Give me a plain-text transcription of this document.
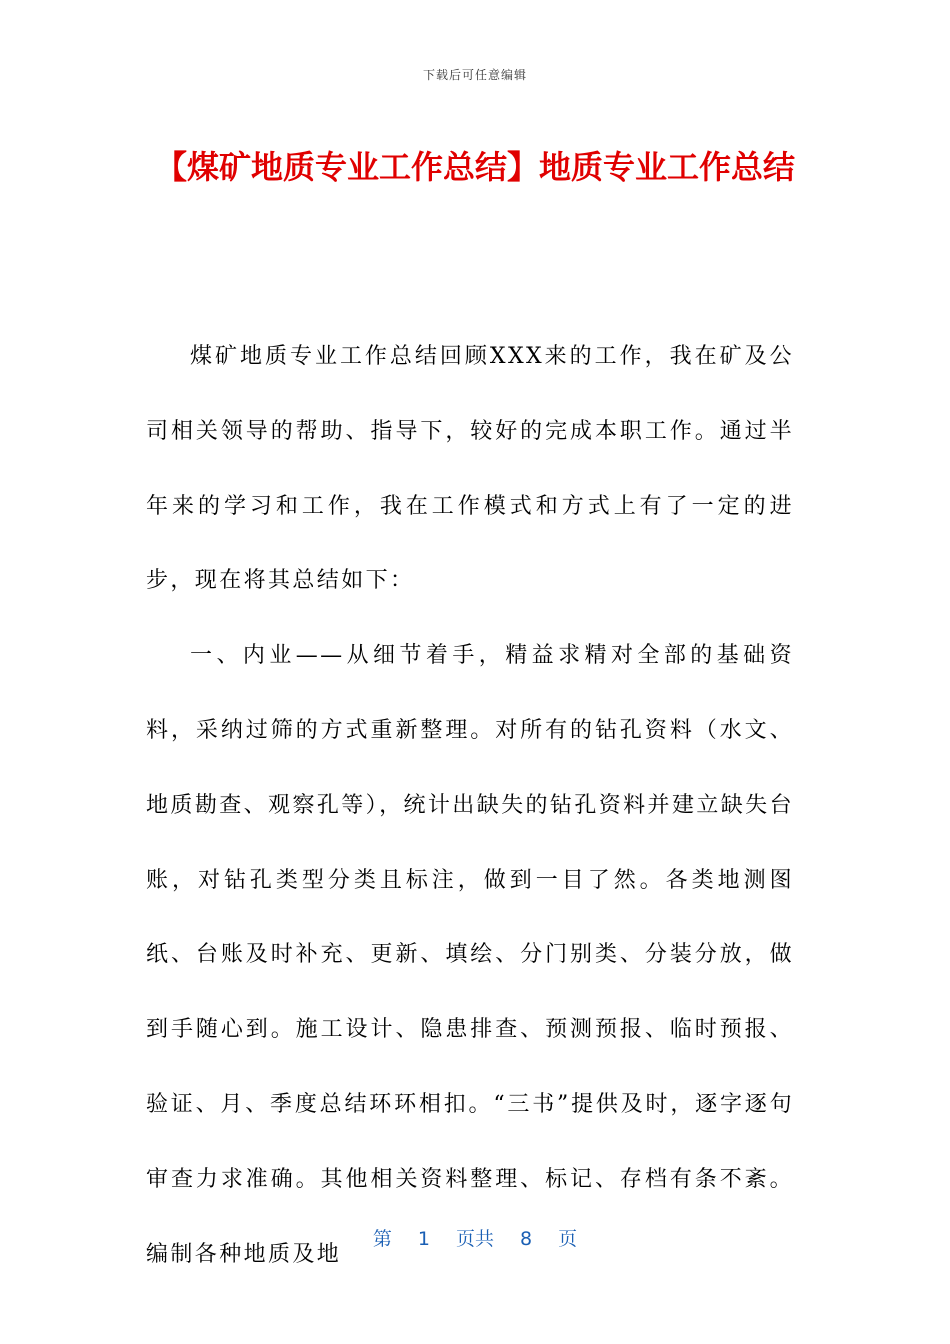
下载后可任意编辑
【煤矿地质专业工作总结】地质专业工作总结

煤矿地质专业工作总结回顾XXX来的工作，我在矿及公司相关领导的帮助、指导下，较好的完成本职工作。通过半年来的学习和工作，我在工作模式和方式上有了一定的进步，现在将其总结如下：

一、内业——从细节着手，精益求精对全部的基础资料，采纳过筛的方式重新整理。对所有的钻孔资料（水文、地质勘查、观察孔等），统计出缺失的钻孔资料并建立缺失台账，对钻孔类型分类且标注，做到一目了然。各类地测图纸、台账及时补充、更新、填绘、分门别类、分装分放，做到手随心到。施工设计、隐患排查、预测预报、临时预报、验证、月、季度总结环环相扣。“三书”提供及时，逐字逐句审查力求准确。其他相关资料整理、标记、存档有条不紊。编制各种地质及地

第 1 页共 8 页
